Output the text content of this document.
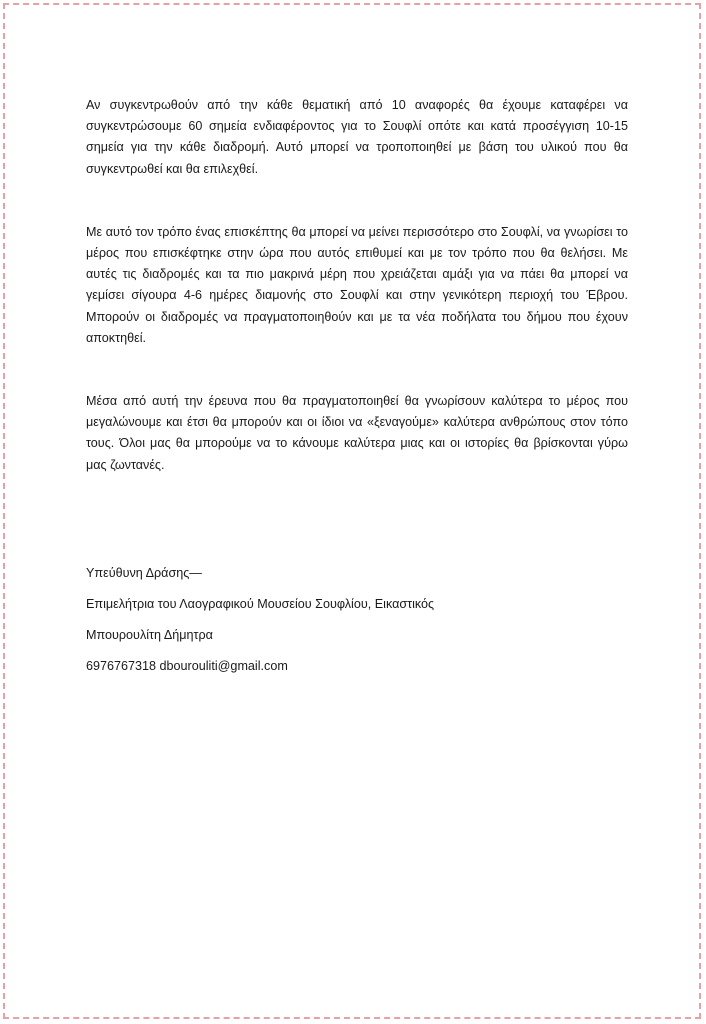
Αν συγκεντρωθούν από την κάθε θεματική από 10 αναφορές θα έχουμε καταφέρει να συγκεντρώσουμε 60 σημεία ενδιαφέροντος για το Σουφλί οπότε και κατά προσέγγιση 10-15 σημεία για την κάθε διαδρομή. Αυτό μπορεί να τροποποιηθεί με βάση του υλικού που θα συγκεντρωθεί και θα επιλεχθεί.

Με αυτό τον τρόπο ένας επισκέπτης θα μπορεί να μείνει περισσότερο στο Σουφλί, να γνωρίσει το μέρος που επισκέφτηκε στην ώρα που αυτός επιθυμεί και με τον τρόπο που θα θελήσει. Με αυτές τις διαδρομές και τα πιο μακρινά μέρη που χρειάζεται αμάξι για να πάει θα μπορεί να γεμίσει σίγουρα 4-6 ημέρες διαμονής στο Σουφλί και στην γενικότερη περιοχή του Έβρου. Μπορούν οι διαδρομές να πραγματοποιηθούν και με τα νέα ποδήλατα του δήμου που έχουν αποκτηθεί.

Μέσα από αυτή την έρευνα που θα πραγματοποιηθεί θα γνωρίσουν καλύτερα το μέρος που μεγαλώνουμε και έτσι θα μπορούν και οι ίδιοι να «ξεναγούμε» καλύτερα ανθρώπους στον τόπο τους. Όλοι μας θα μπορούμε να το κάνουμε καλύτερα μιας και οι ιστορίες θα βρίσκονται γύρω μας ζωντανές.

Υπεύθυνη Δράσης—

Επιμελήτρια του Λαογραφικού Μουσείου Σουφλίου, Εικαστικός

Μπουρουλίτη Δήμητρα

6976767318 dbourouliti@gmail.com
